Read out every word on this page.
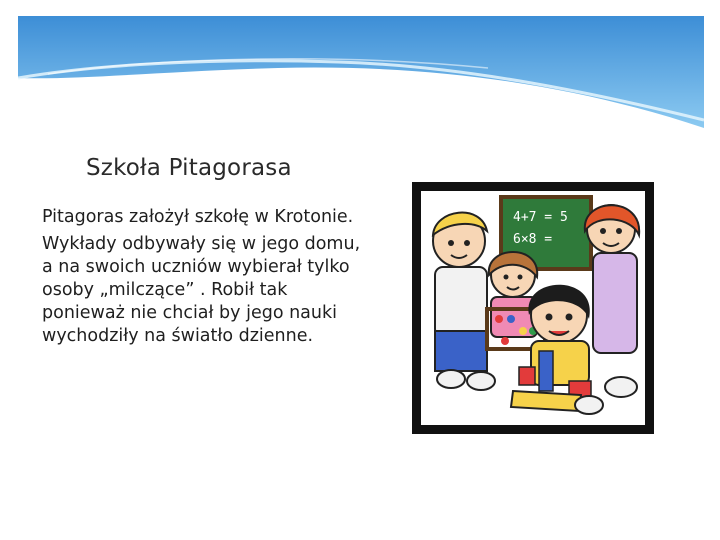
Szkoła Pitagorasa

Pitagoras założył szkołę w Krotonie.

Wykłady odbywały się w jego domu, a na swoich uczniów wybierał tylko osoby „milczące” . Robił tak ponieważ nie chciał by jego nauki wychodziły na światło dzienne.

4+7 = 5
6×8 =
